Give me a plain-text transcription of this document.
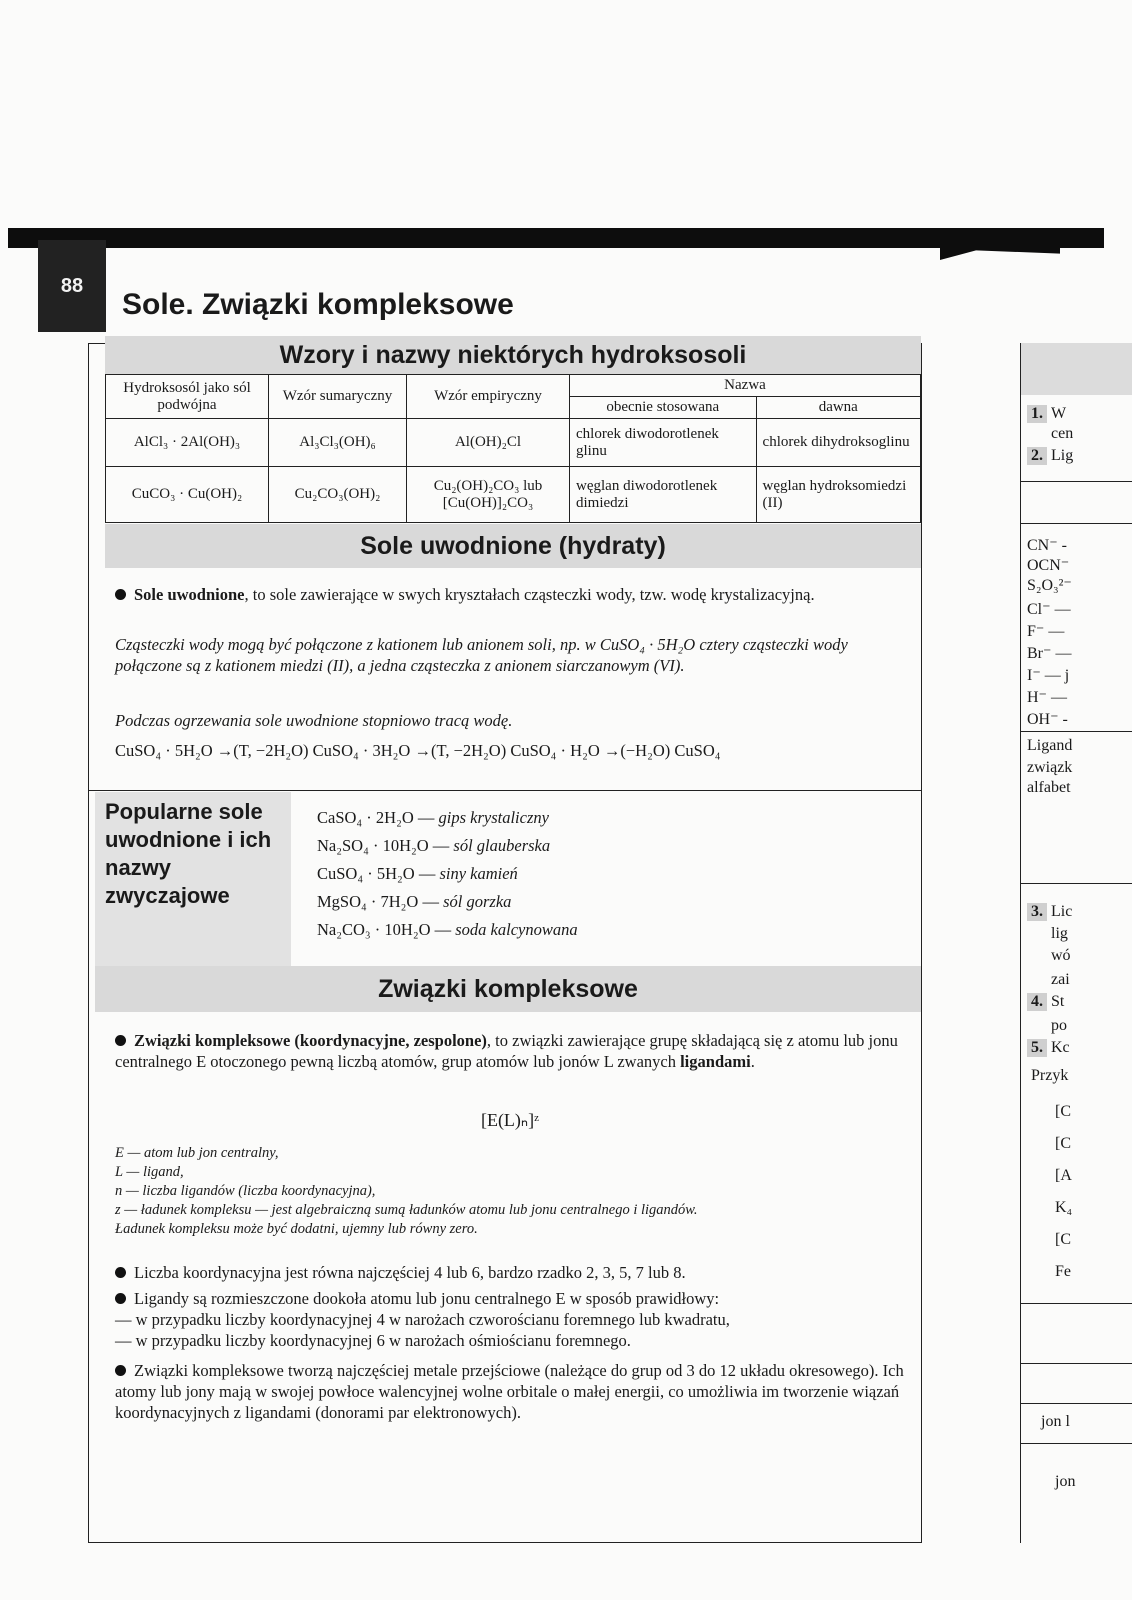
88
Sole. Związki kompleksowe
Wzory i nazwy niektórych hydroksosoli
Hydroksosól jako sól podwójna	Wzór sumaryczny	Wzór empiryczny	Nazwa	
			obecnie stosowana	dawna
AlCl₃ · 2Al(OH)₃	Al₃Cl₃(OH)₆	Al(OH)₂Cl	chlorek diwodorotlenek glinu	chlorek dihydroksoglinu
CuCO₃ · Cu(OH)₂	Cu₂CO₃(OH)₂	Cu₂(OH)₂CO₃ lub [Cu(OH)]₂CO₃	węglan diwodorotlenek dimiedzi	węglan hydroksomiedzi (II)
Sole uwodnione (hydraty)
Sole uwodnione, to sole zawierające w swych kryształach cząsteczki wody, tzw. wodę krystalizacyjną.
Cząsteczki wody mogą być połączone z kationem lub anionem soli, np. w CuSO₄ · 5H₂O cztery cząsteczki wody połączone są z kationem miedzi (II), a jedna cząsteczka z anionem siarczanowym (VI).
Podczas ogrzewania sole uwodnione stopniowo tracą wodę.
CuSO₄ · 5H₂O →(T, −2H₂O) CuSO₄ · 3H₂O →(T, −2H₂O) CuSO₄ · H₂O →(−H₂O) CuSO₄
Popularne sole uwodnione i ich nazwy zwyczajowe
CaSO₄ · 2H₂O — gips krystaliczny
Na₂SO₄ · 10H₂O — sól glauberska
CuSO₄ · 5H₂O — siny kamień
MgSO₄ · 7H₂O — sól gorzka
Na₂CO₃ · 10H₂O — soda kalcynowana
Związki kompleksowe
Związki kompleksowe (koordynacyjne, zespolone), to związki zawierające grupę składającą się z atomu lub jonu centralnego E otoczonego pewną liczbą atomów, grup atomów lub jonów L zwanych ligandami.
[E(L)ₙ]ᶻ
E — atom lub jon centralny,
L — ligand,
n — liczba ligandów (liczba koordynacyjna),
z — ładunek kompleksu — jest algebraiczną sumą ładunków atomu lub jonu centralnego i ligandów.
Ładunek kompleksu może być dodatni, ujemny lub równy zero.
Liczba koordynacyjna jest równa najczęściej 4 lub 6, bardzo rzadko 2, 3, 5, 7 lub 8.
Ligandy są rozmieszczone dookoła atomu lub jonu centralnego E w sposób prawidłowy:
— w przypadku liczby koordynacyjnej 4 w narożach czworościanu foremnego lub kwadratu,
— w przypadku liczby koordynacyjnej 6 w narożach ośmiościanu foremnego.
Związki kompleksowe tworzą najczęściej metale przejściowe (należące do grup od 3 do 12 układu okresowego). Ich atomy lub jony mają w swojej powłoce walencyjnej wolne orbitale o małej energii, co umożliwia im tworzenie wiązań koordynacyjnych z ligandami (donorami par elektronowych).
1. W
cen
2. Lig
CN⁻ -
OCN⁻
S₂O₃²⁻
Cl⁻ —
F⁻ —
Br⁻ —
I⁻ — j
H⁻ —
OH⁻ -
Ligand
związk
alfabet
3. Lic
lig
wó
zai
4. St
po
5. Kc
Przyk
[C
[C
[A
K₄
[C
Fe
jon l
jon
